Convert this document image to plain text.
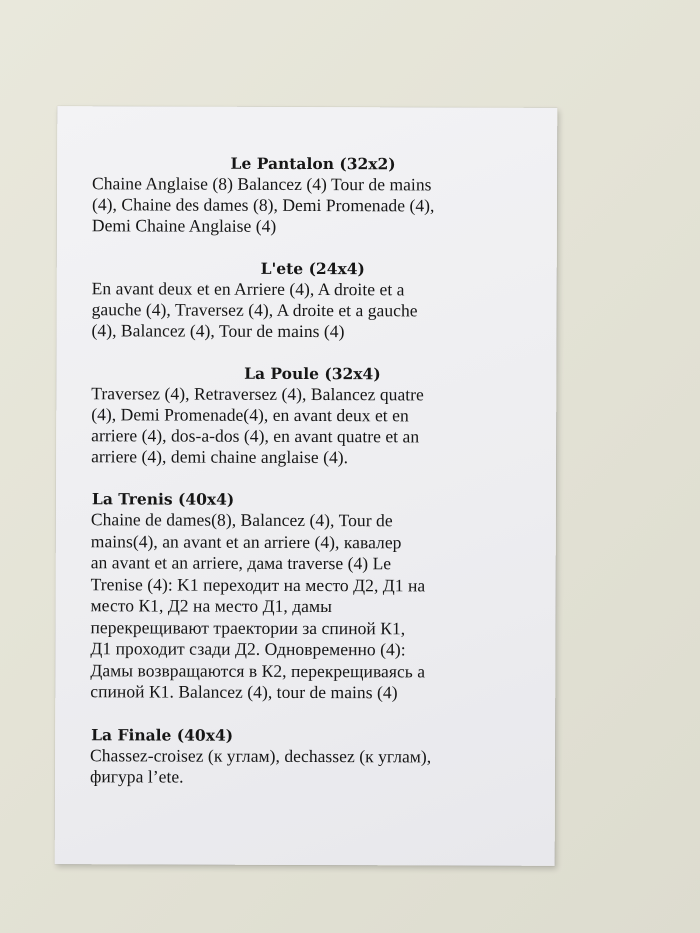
Le Pantalon (32x2)
Chaine Anglaise (8) Balancez (4) Tour de mains
(4), Chaine des dames (8), Demi Promenade (4),
Demi Chaine Anglaise (4)
L'ete (24x4)
En avant deux et en Arriere (4), A droite et a
gauche (4), Traversez (4), A droite et a gauche
(4), Balancez (4), Tour de mains (4)
La Poule (32x4)
Traversez (4), Retraversez (4), Balancez quatre
(4), Demi Promenade(4), en avant deux et en
arriere (4), dos-a-dos (4), en avant quatre et an
arriere (4), demi chaine anglaise (4).
La Trenis (40x4)
Chaine de dames(8), Balancez (4), Tour de
mains(4), an avant et an arriere (4), кавалер
an avant et an arriere, дама traverse (4) Le
Trenise (4): K1 переходит на место Д2, Д1 на
место К1, Д2 на место Д1, дамы
перекрещивают траектории за спиной К1,
Д1 проходит сзади Д2. Одновременно (4):
Дамы возвращаются в К2, перекрещиваясь а
спиной К1. Balancez (4), tour de mains (4)
La Finale (40x4)
Chassez-croisez (к углам), dechassez (к углам),
фигура l’ete.
